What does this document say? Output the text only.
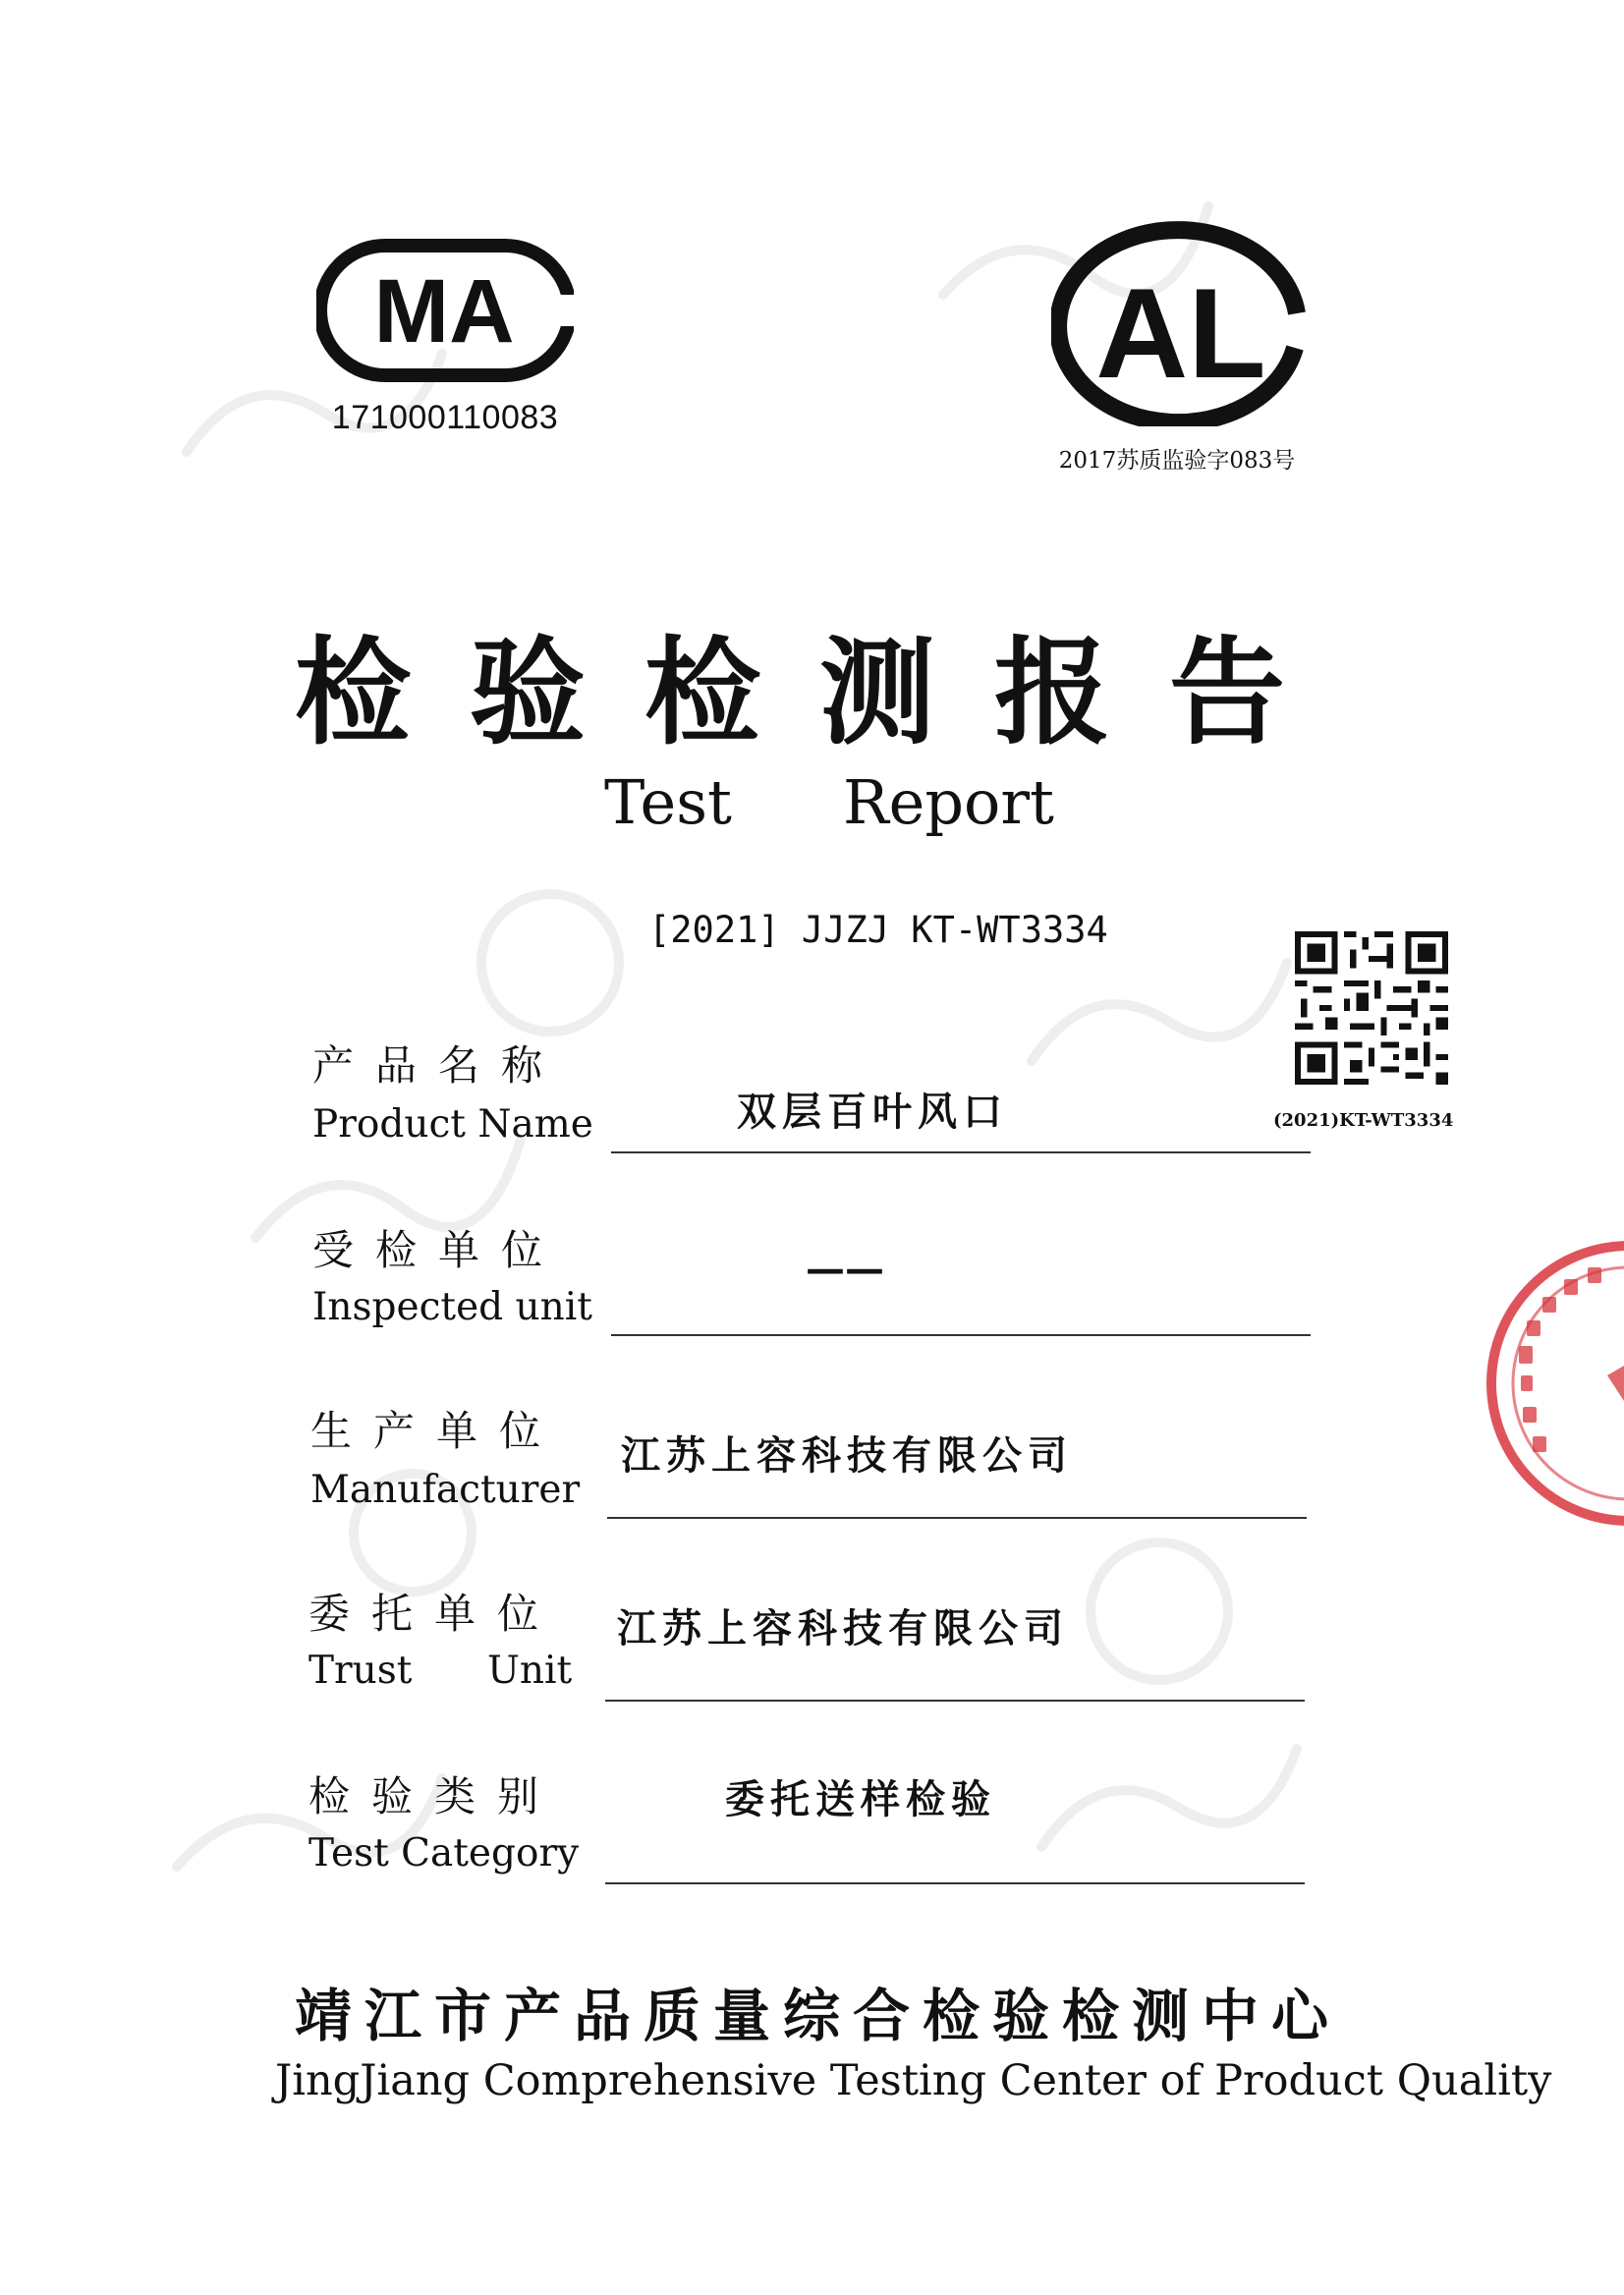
MA
171000110083
AL
2017苏质监验字083号
检验检测报告
Test Report
[2021] JJZJ KT-WT3334
(2021)KT-WT3334
产品名称
Product Name	双层百叶风口
受检单位
Inspected unit
——
生产单位
Manufacturer
江苏上容科技有限公司
委托单位
Trust Unit
江苏上容科技有限公司
检验类别
Test Category
委托送样检验
靖江市产品质量综合检验检测中心
JingJiang Comprehensive Testing Center of Product Quality
